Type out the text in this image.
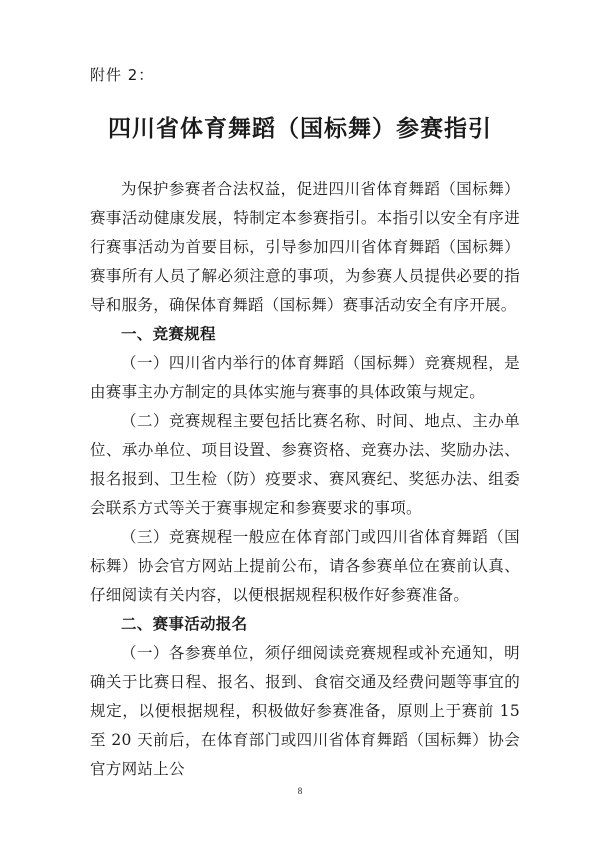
附件 2：
四川省体育舞蹈（国标舞）参赛指引

为保护参赛者合法权益，促进四川省体育舞蹈（国标舞）赛事活动健康发展，特制定本参赛指引。本指引以安全有序进行赛事活动为首要目标，引导参加四川省体育舞蹈（国标舞）赛事所有人员了解必须注意的事项，为参赛人员提供必要的指导和服务，确保体育舞蹈（国标舞）赛事活动安全有序开展。

一、竞赛规程

（一）四川省内举行的体育舞蹈（国标舞）竞赛规程，是由赛事主办方制定的具体实施与赛事的具体政策与规定。

（二）竞赛规程主要包括比赛名称、时间、地点、主办单位、承办单位、项目设置、参赛资格、竞赛办法、奖励办法、报名报到、卫生检（防）疫要求、赛风赛纪、奖惩办法、组委会联系方式等关于赛事规定和参赛要求的事项。

（三）竞赛规程一般应在体育部门或四川省体育舞蹈（国标舞）协会官方网站上提前公布，请各参赛单位在赛前认真、仔细阅读有关内容，以便根据规程积极作好参赛准备。

二、赛事活动报名

（一）各参赛单位，须仔细阅读竞赛规程或补充通知，明确关于比赛日程、报名、报到、食宿交通及经费问题等事宜的规定，以便根据规程，积极做好参赛准备，原则上于赛前 15 至 20 天前后，在体育部门或四川省体育舞蹈（国标舞）协会官方网站上公

8
